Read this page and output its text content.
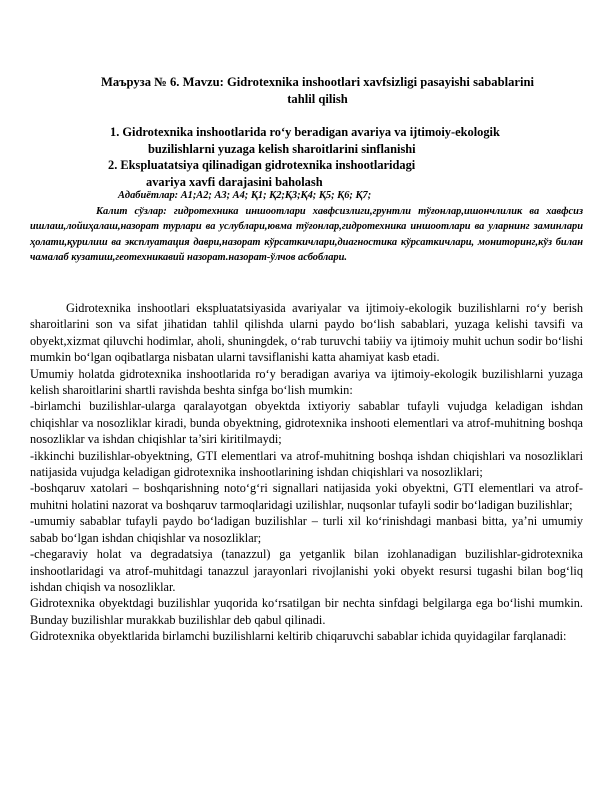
Маъруза № 6. Mavzu: Gidrotexnika inshootlari xavfsizligi pasayishi sabablarini
tahlil qilish
1. Gidrotexnika inshootlarida ro‘y beradigan avariya va ijtimoiy-ekologik
buzilishlarni yuzaga kelish sharoitlarini sinflanishi
2. Ekspluatatsiya qilinadigan gidrotexnika inshootlaridagi
avariya xavfi darajasini baholash
Адабиётлар: А1;А2; А3; А4; Қ1; Қ2;Қ3;Қ4; Қ5; Қ6; Қ7;

Калит сўзлар: гидротехника иншоотлари хавфсизлиги,грунтли тўғонлар,ишончлилик ва хавфсиз ишлаш,лойиҳалаш,назорат турлари ва услублари,ювма тўғонлар,гидротехника иншоотлари ва уларнинг заминлари ҳолати,қурилиш ва эксплуатация даври,назорат кўрсаткичлари,диагностика кўрсаткичлари, мониторинг,кўз билан чамалаб кузатиш,геотехникавий назорат.назорат-ўлчов асбоблари.

Gidrotexnika inshootlari ekspluatatsiyasida avariyalar va ijtimoiy-ekologik buzilishlarni ro‘y berish sharoitlarini son va sifat jihatidan tahlil qilishda ularni paydo bo‘lish sabablari, yuzaga kelishi tavsifi va obyekt,xizmat qiluvchi hodimlar, aholi, shuningdek, o‘rab turuvchi tabiiy va ijtimoiy muhit uchun sodir bo‘lishi mumkin bo‘lgan oqibatlarga nisbatan ularni tavsiflanishi katta ahamiyat kasb etadi.

Umumiy holatda gidrotexnika inshootlarida ro‘y beradigan avariya va ijtimoiy-ekologik buzilishlarni yuzaga kelish sharoitlarini shartli ravishda beshta sinfga bo‘lish mumkin:

-birlamchi buzilishlar-ularga qaralayotgan obyektda ixtiyoriy sabablar tufayli vujudga keladigan ishdan chiqishlar va nosozliklar kiradi, bunda obyektning, gidrotexnika inshooti elementlari va atrof-muhitning boshqa nosozliklar va ishdan chiqishlar ta’siri kiritilmaydi;

-ikkinchi buzilishlar-obyektning, GTI elementlari va atrof-muhitning boshqa ishdan chiqishlari va nosozliklari natijasida vujudga keladigan gidrotexnika inshootlarining ishdan chiqishlari va nosozliklari;

-boshqaruv xatolari – boshqarishning noto‘g‘ri signallari natijasida yoki obyektni, GTI elementlari va atrof-muhitni holatini nazorat va boshqaruv tarmoqlaridagi uzilishlar, nuqsonlar tufayli sodir bo‘ladigan buzilishlar;

-umumiy sabablar tufayli paydo bo‘ladigan buzilishlar – turli xil ko‘rinishdagi manbasi bitta, ya’ni umumiy sabab bo‘lgan ishdan chiqishlar va nosozliklar;

-chegaraviy holat va degradatsiya (tanazzul) ga yetganlik bilan izohlanadigan buzilishlar-gidrotexnika inshootlaridagi va atrof-muhitdagi tanazzul jarayonlari rivojlanishi yoki obyekt resursi tugashi bilan bog‘liq ishdan chiqish va nosozliklar.

Gidrotexnika obyektdagi buzilishlar yuqorida ko‘rsatilgan bir nechta sinfdagi belgilarga ega bo‘lishi mumkin. Bunday buzilishlar murakkab buzilishlar deb qabul qilinadi.

Gidrotexnika obyektlarida birlamchi buzilishlarni keltirib chiqaruvchi sabablar ichida quyidagilar farqlanadi:
